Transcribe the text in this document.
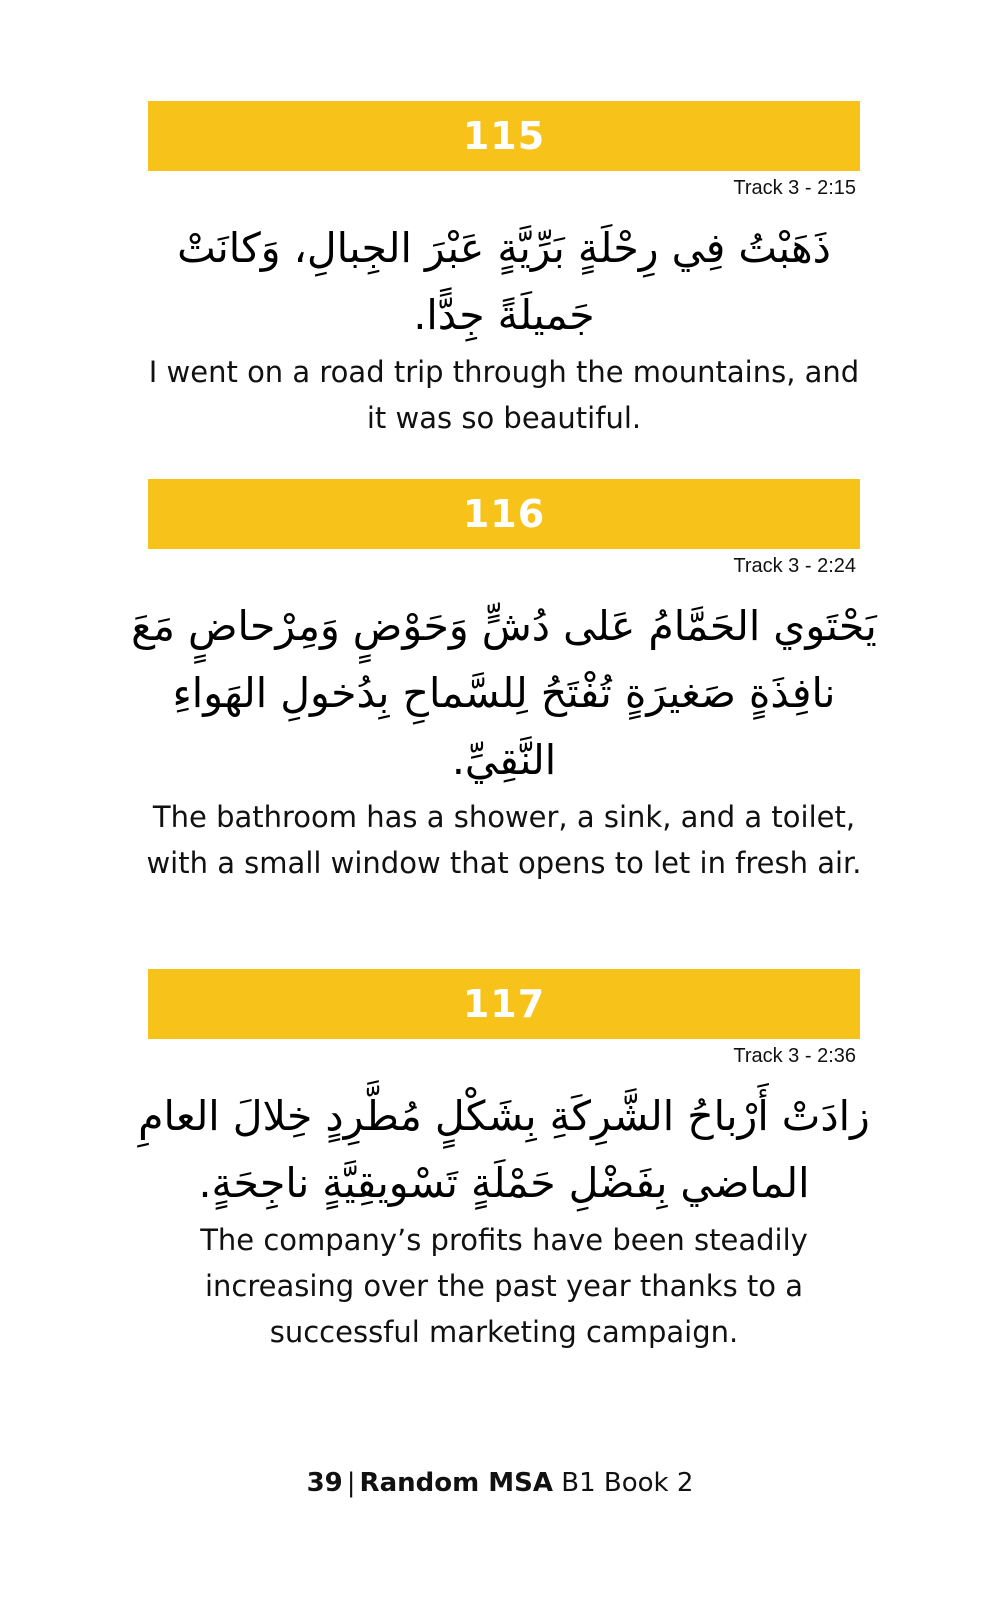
115
Track 3 - 2:15
ذَهَبْتُ فِي رِحْلَةٍ بَرِّيَّةٍ عَبْرَ الجِبالِ، وَكانَتْ جَميلَةً جِدًّا.
I went on a road trip through the mountains, and it was so beautiful.
116
Track 3 - 2:24
يَحْتَوي الحَمَّامُ عَلى دُشٍّ وَحَوْضٍ وَمِرْحاضٍ مَعَ نافِذَةٍ صَغيرَةٍ تُفْتَحُ لِلسَّماحِ بِدُخولِ الهَواءِ النَّقِيِّ.
The bathroom has a shower, a sink, and a toilet, with a small window that opens to let in fresh air.
117
Track 3 - 2:36
زادَتْ أَرْباحُ الشَّرِكَةِ بِشَكْلٍ مُطَّرِدٍ خِلالَ العامِ الماضي بِفَضْلِ حَمْلَةٍ تَسْويقِيَّةٍ ناجِحَةٍ.
The company’s profits have been steadily increasing over the past year thanks to a successful marketing campaign.
39 | Random MSA B1 Book 2
